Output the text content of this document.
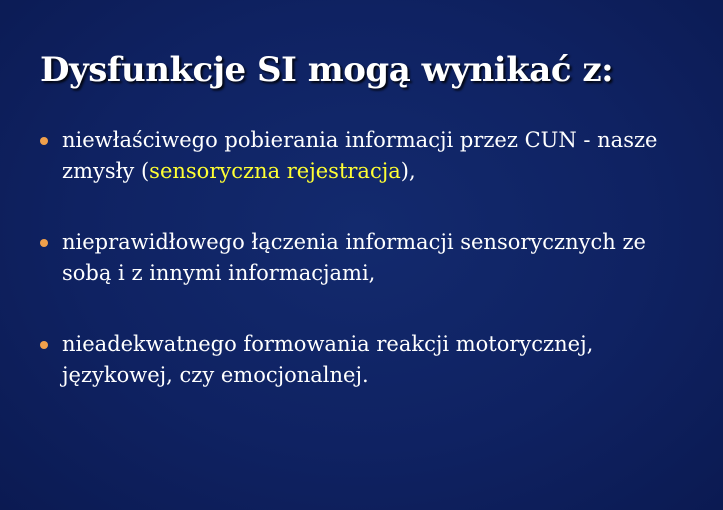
Dysfunkcje SI mogą wynikać z:
niewłaściwego pobierania informacji przez CUN - nasze zmysły (sensoryczna rejestracja),
nieprawidłowego łączenia informacji sensorycznych ze sobą i z innymi informacjami,
nieadekwatnego formowania reakcji motorycznej, językowej, czy emocjonalnej.
